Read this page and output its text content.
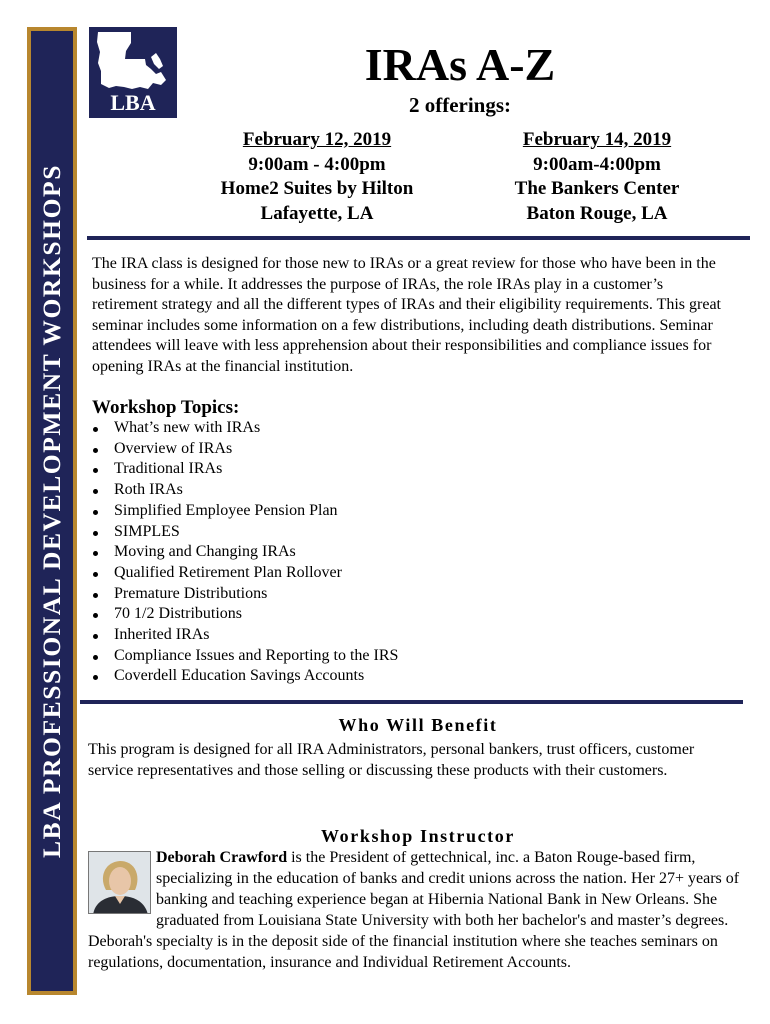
LBA PROFESSIONAL DEVELOPMENT WORKSHOPS
LBA
IRAs A-Z
2 offerings:
February 12, 2019
9:00am - 4:00pm
Home2 Suites by Hilton
Lafayette, LA
February 14, 2019
9:00am-4:00pm
The Bankers Center
Baton Rouge, LA

The IRA class is designed for those new to IRAs or a great review for those who have been in the business for a while. It addresses the purpose of IRAs, the role IRAs play in a customer’s retirement strategy and all the different types of IRAs and their eligibility requirements. This great seminar includes some information on a few distributions, including death distributions. Seminar attendees will leave with less apprehension about their responsibilities and compliance issues for opening IRAs at the financial institution.

Workshop Topics:
What’s new with IRAs
Overview of IRAs
Traditional IRAs
Roth IRAs
Simplified Employee Pension Plan
SIMPLES
Moving and Changing IRAs
Qualified Retirement Plan Rollover
Premature Distributions
70 1/2 Distributions
Inherited IRAs
Compliance Issues and Reporting to the IRS
Coverdell Education Savings Accounts
Who Will Benefit

This program is designed for all IRA Administrators, personal bankers, trust officers, customer service representatives and those selling or discussing these products with their customers.

Workshop Instructor

Deborah Crawford is the President of gettechnical, inc. a Baton Rouge-based firm, specializing in the education of banks and credit unions across the nation. Her 27+ years of banking and teaching experience began at Hibernia National Bank in New Orleans. She graduated from Louisiana State University with both her bachelor's and master’s degrees. Deborah's specialty is in the deposit side of the financial institution where she teaches seminars on regulations, documentation, insurance and Individual Retirement Accounts.
